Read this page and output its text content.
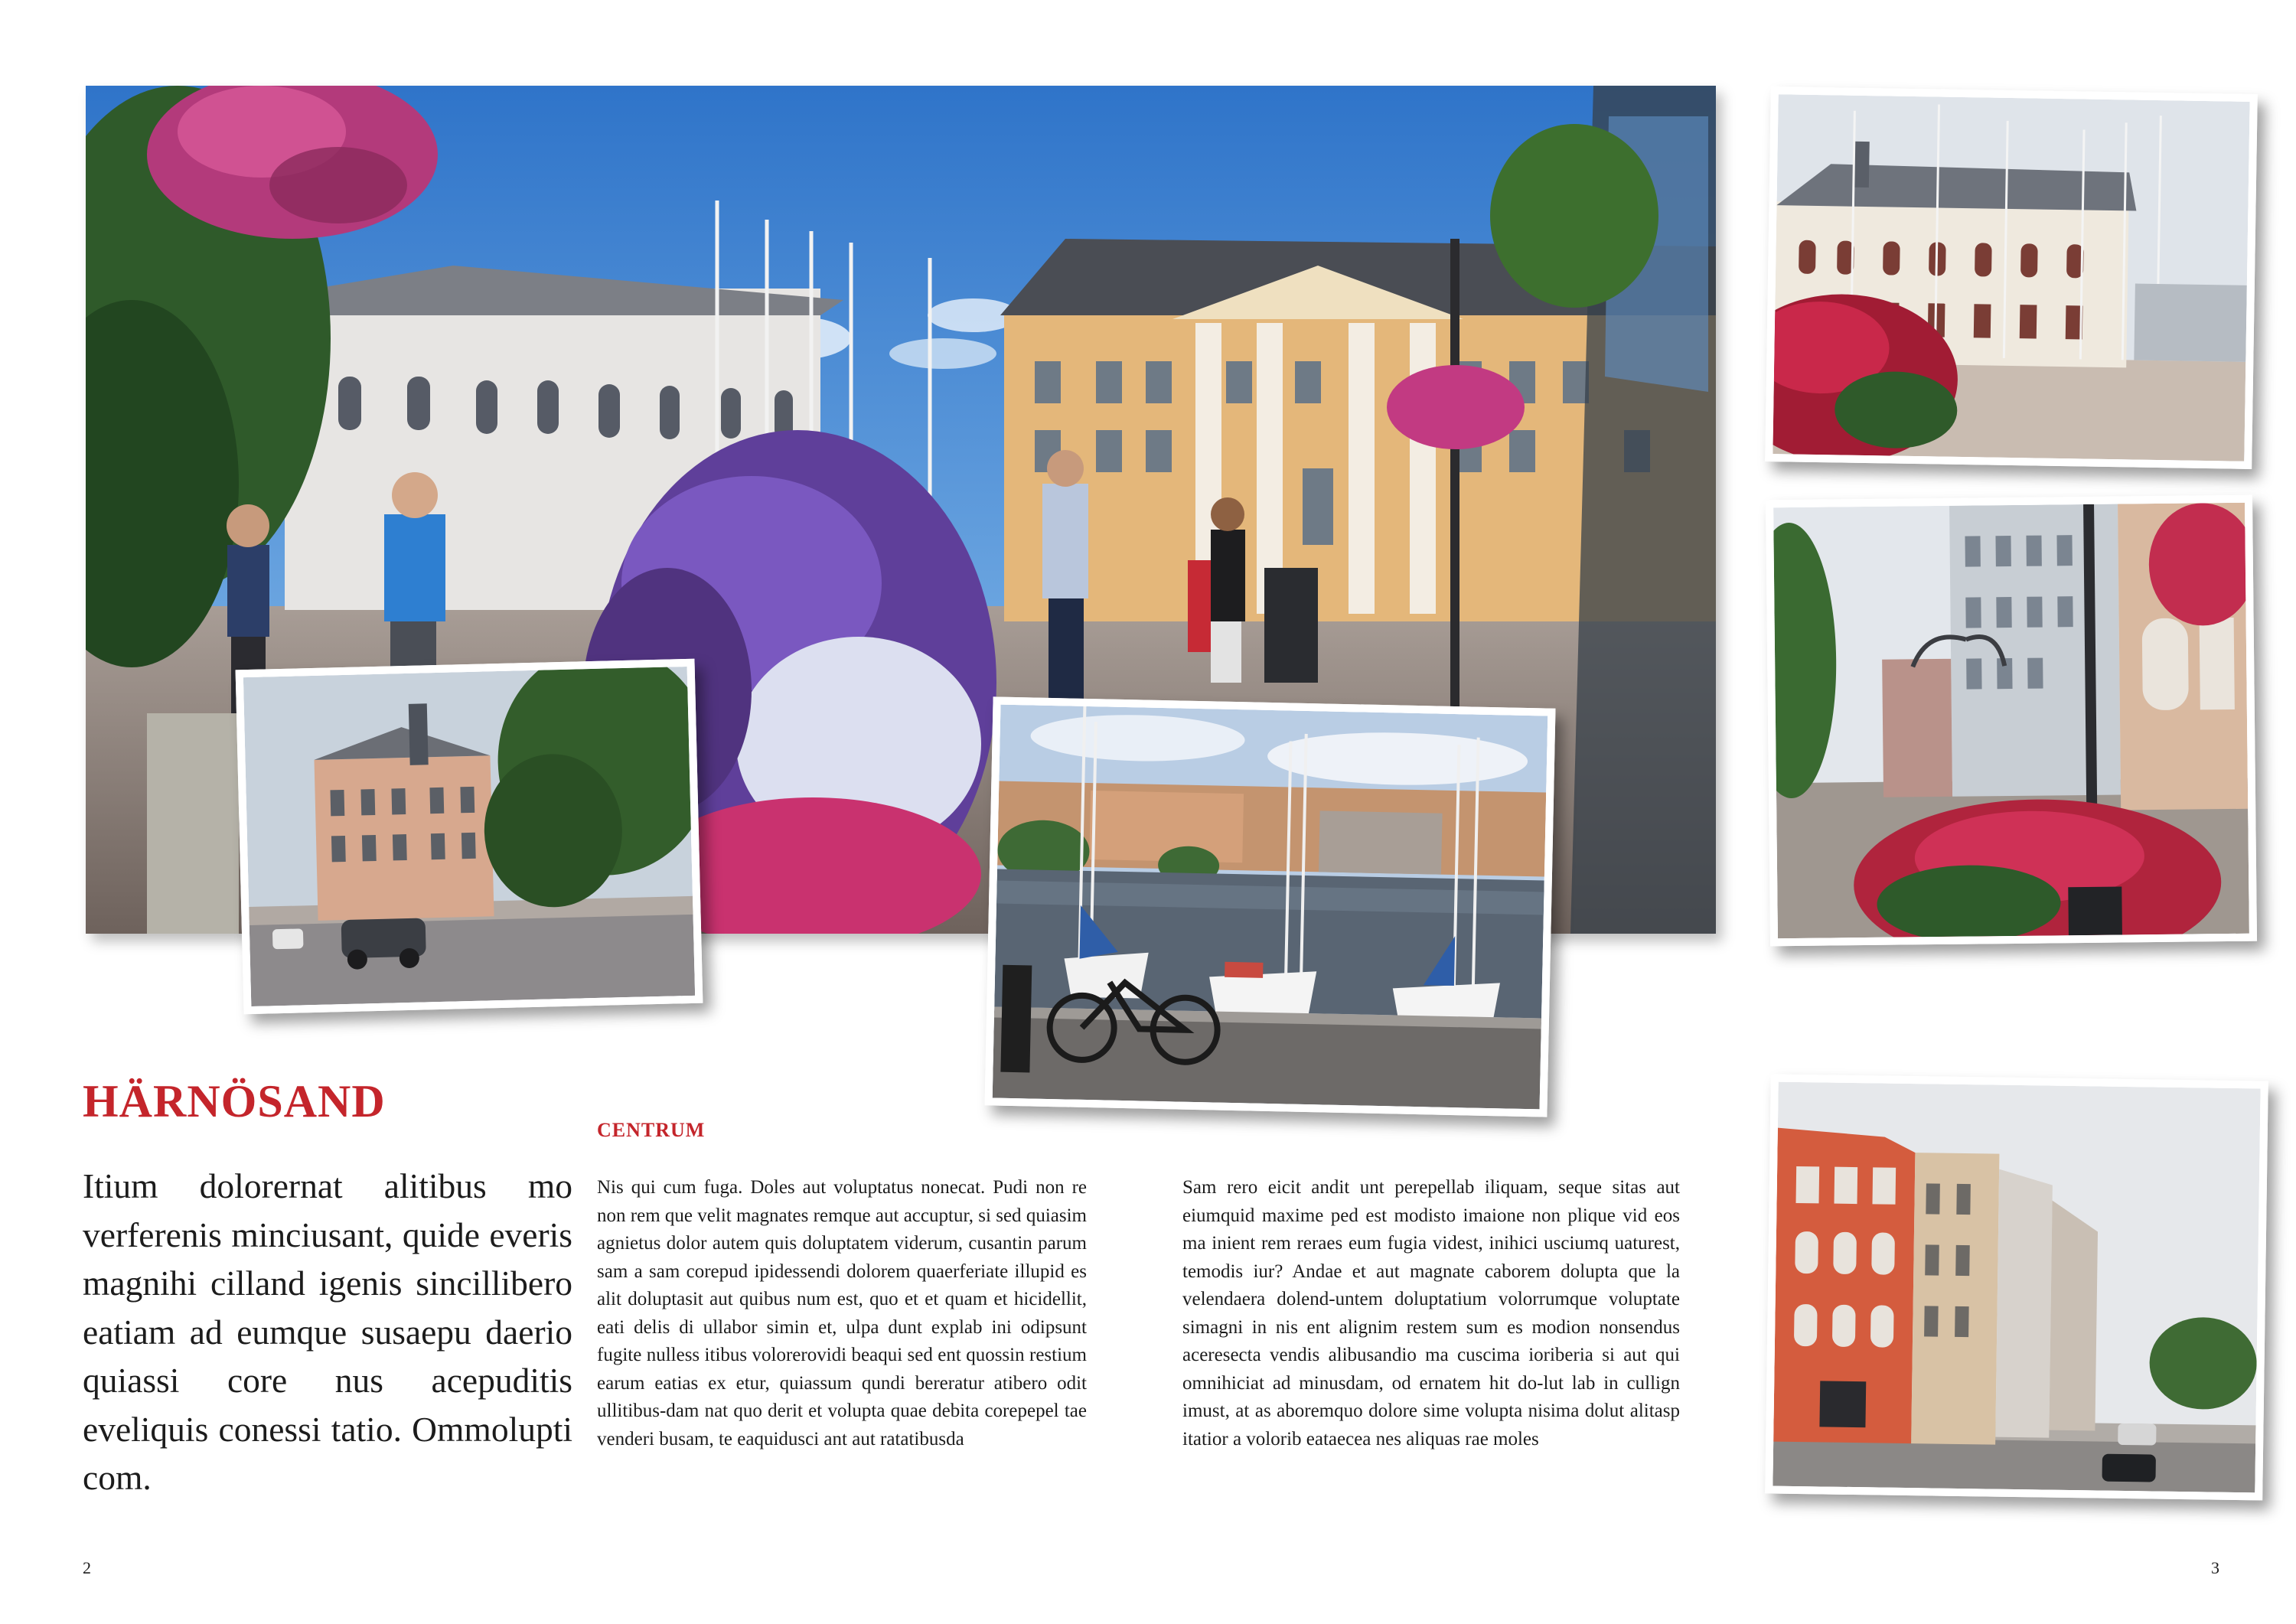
HÄRNÖSAND
Itium dolorernat alitibus mo verferenis minciusant, quide everis magnihi cilland igenis sincillibero eatiam ad eumque susaepu daerio quiassi core nus acepuditis eveliquis conessi tatio. Ommolupti com.
CENTRUM
Nis qui cum fuga. Doles aut voluptatus nonecat. Pudi non re non rem que velit magnates remque aut accuptur, si sed quiasim agnietus dolor autem quis doluptatem viderum, cusantin parum sam a sam corepud ipidessendi dolorem quaerferiate illupid es alit doluptasit aut quibus num est, quo et et quam et hicidellit, eati delis di ullabor simin et, ulpa dunt explab ini odipsunt fugite nulless itibus volorerovidi beaqui sed ent quossin restium earum eatias ex etur, quiassum qundi bereratur atibero odit ullitibus-dam nat quo derit et volupta quae debita corepepel tae venderi busam, te eaquidusci ant aut ratatibusda
Sam rero eicit andit unt perepellab iliquam, seque sitas aut eiumquid maxime ped est modisto imaione non plique vid eos ma inient rem reraes eum fugia videst, inihici usciumq uaturest, temodis iur? Andae et aut magnate caborem dolupta que la velendaera dolend-untem doluptatium volorrumque voluptate simagni in nis ent alignim restem sum es modion nonsendus aceresecta vendis alibusandio ma cuscima ioriberia si aut qui omnihiciat ad minusdam, od ernatem hit do-lut lab in cullign imust, at as aboremquo dolore sime volupta nisima dolut alitasp itatior a volorib eataecea nes aliquas rae moles
2	3
